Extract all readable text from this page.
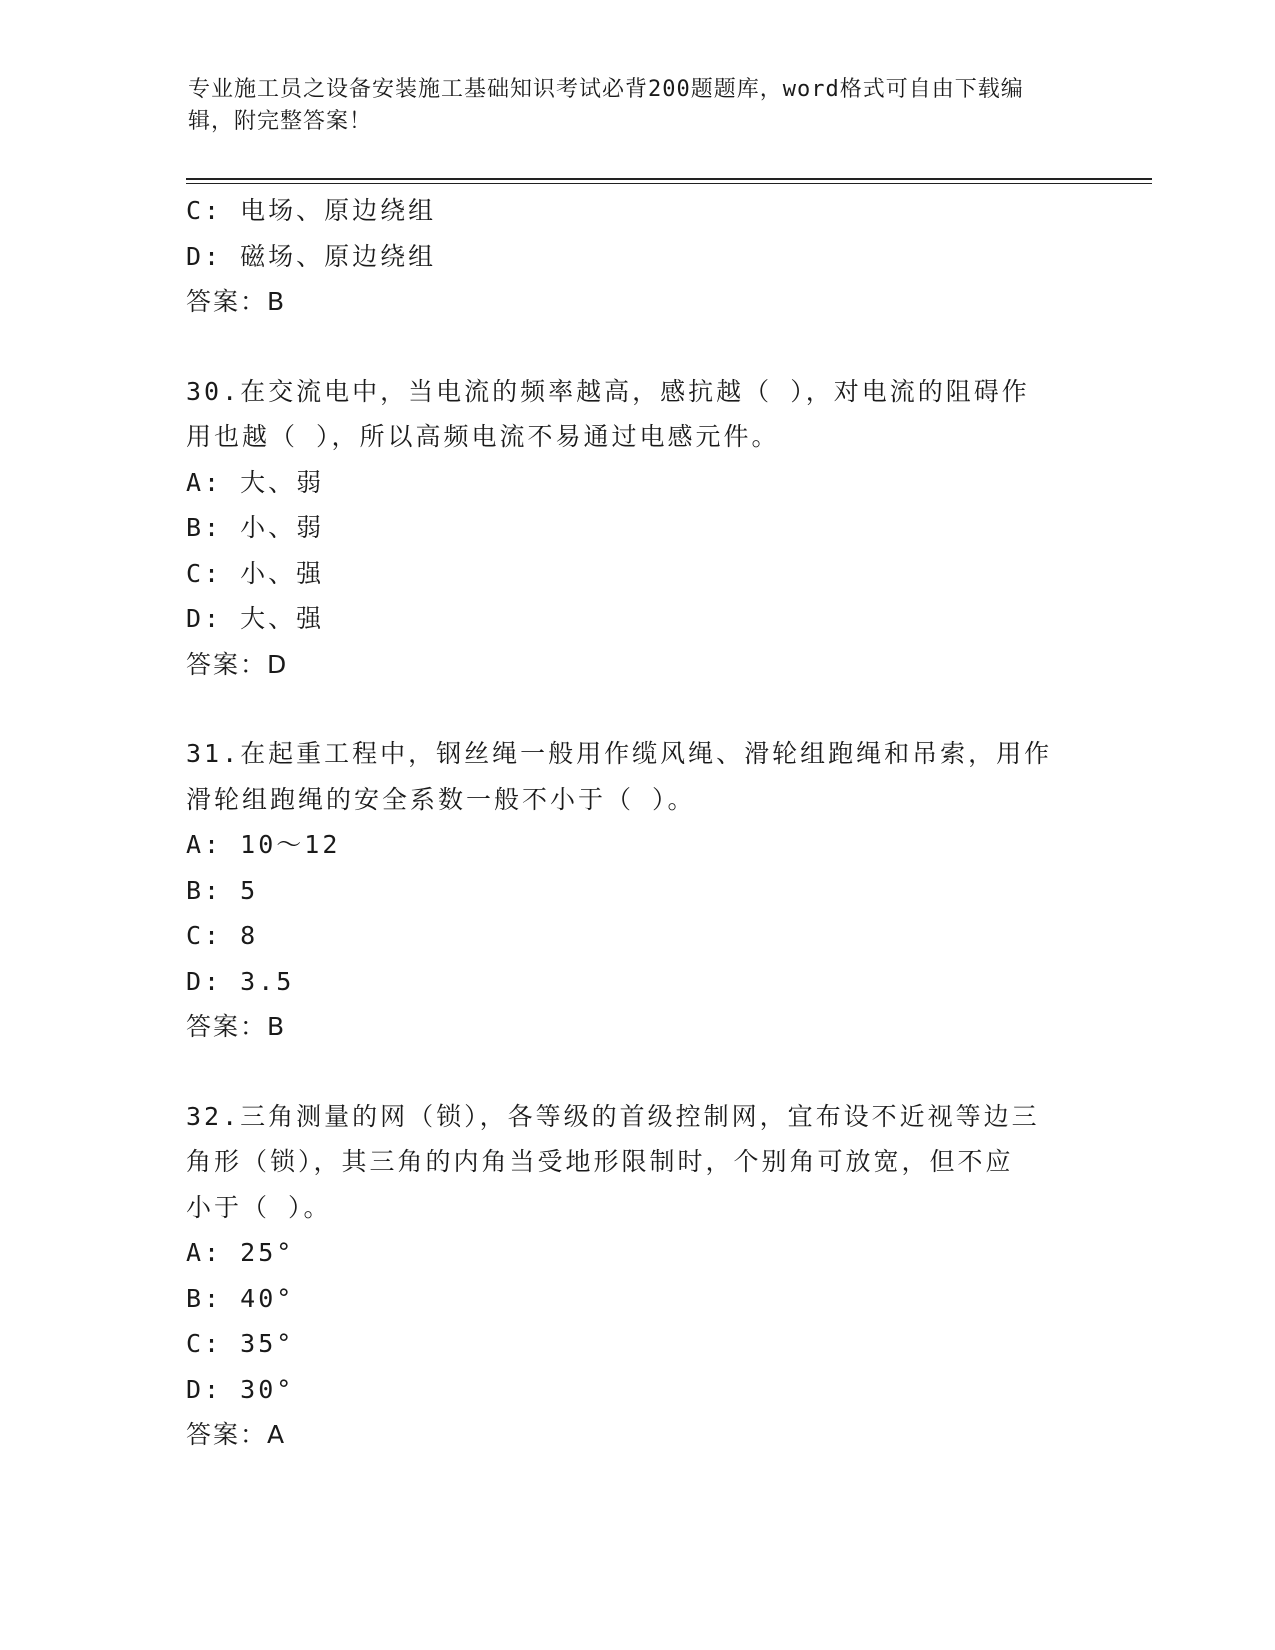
专业施工员之设备安装施工基础知识考试必背200题题库，word格式可自由下载编辑，附完整答案！
C: 电场、原边绕组
D: 磁场、原边绕组
答案：B
30.在交流电中，当电流的频率越高，感抗越（ ），对电流的阻碍作
用也越（ ），所以高频电流不易通过电感元件。
A: 大、弱
B: 小、弱
C: 小、强
D: 大、强
答案：D
31.在起重工程中，钢丝绳一般用作缆风绳、滑轮组跑绳和吊索，用作
滑轮组跑绳的安全系数一般不小于（ ）。
A: 10～12
B: 5
C: 8
D: 3.5
答案：B
32.三角测量的网（锁），各等级的首级控制网，宜布设不近视等边三
角形（锁），其三角的内角当受地形限制时，个别角可放宽，但不应
小于（ ）。
A: 25°
B: 40°
C: 35°
D: 30°
答案：A
